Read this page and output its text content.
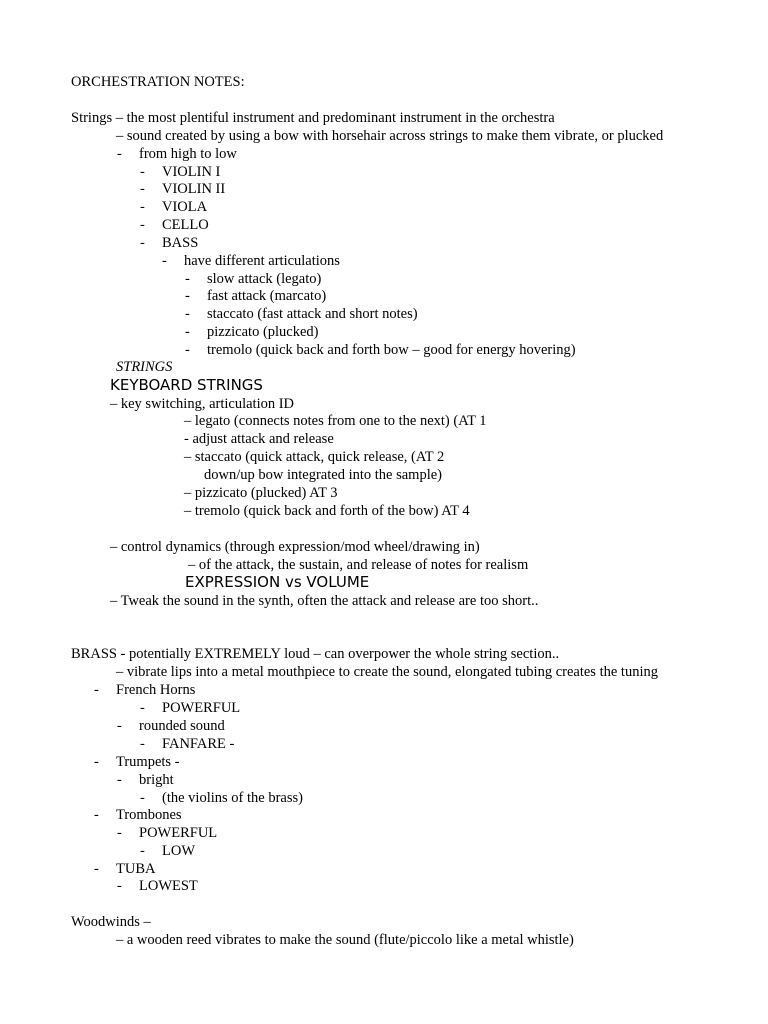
ORCHESTRATION NOTES:
Strings – the most plentiful instrument and predominant instrument in the orchestra
– sound created by using a bow with horsehair across strings to make them vibrate, or plucked
- from high to low
- VIOLIN I
- VIOLIN II
- VIOLA
- CELLO
- BASS
- have different articulations
- slow attack (legato)
- fast attack (marcato)
- staccato (fast attack and short notes)
- pizzicato (plucked)
- tremolo (quick back and forth bow – good for energy hovering)
STRINGS
KEYBOARD STRINGS
– key switching, articulation ID
– legato (connects notes from one to the next) (AT 1
- adjust attack and release
– staccato (quick attack, quick release, (AT 2
down/up bow integrated into the sample)
– pizzicato (plucked) AT 3
– tremolo (quick back and forth of the bow) AT 4
– control dynamics (through expression/mod wheel/drawing in)
– of the attack, the sustain, and release of notes for realism
EXPRESSION vs VOLUME
– Tweak the sound in the synth, often the attack and release are too short..
BRASS - potentially EXTREMELY loud – can overpower the whole string section..
– vibrate lips into a metal mouthpiece to create the sound, elongated tubing creates the tuning
- French Horns
- POWERFUL
- rounded sound
- FANFARE -
- Trumpets -
- bright
- (the violins of the brass)
- Trombones
- POWERFUL
- LOW
- TUBA
- LOWEST
Woodwinds –
– a wooden reed vibrates to make the sound (flute/piccolo like a metal whistle)
